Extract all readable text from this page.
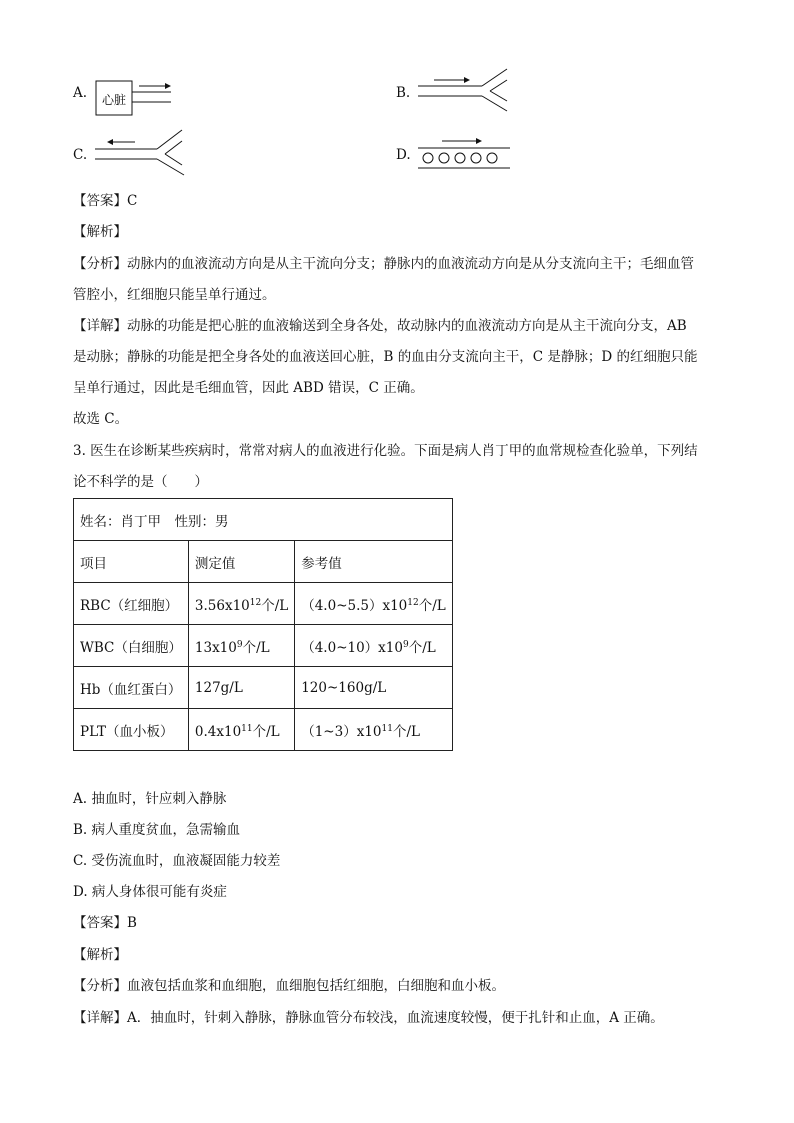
A. 心脏	B.
C.	D.
【答案】C
【解析】
【分析】动脉内的血液流动方向是从主干流向分支；静脉内的血液流动方向是从分支流向主干；毛细血管
管腔小，红细胞只能呈单行通过。
【详解】动脉的功能是把心脏的血液输送到全身各处，故动脉内的血液流动方向是从主干流向分支，AB
是动脉；静脉的功能是把全身各处的血液送回心脏，B 的血由分支流向主干，C 是静脉；D 的红细胞只能
呈单行通过，因此是毛细血管，因此 ABD 错误，C 正确。
故选 C。
3. 医生在诊断某些疾病时，常常对病人的血液进行化验。下面是病人肖丁甲的血常规检查化验单，下列结
论不科学的是（　　）
姓名：肖丁甲　性别：男		
项目	测定值	参考值
RBC（红细胞）	$3.56x10^{12}$个/L	$(4.0\sim 5.5)x10^{12}$个/L
WBC（白细胞）	$13x10^9$个/L	$(4.0\sim 10)x10^9$个/L
Hb（血红蛋白）	127g/L	120~160g/L
PLT（血小板）	$0.4x10^{11}$个/L	$(1\sim 3)x10^{11}$个/L
A. 抽血时，针应刺入静脉
B. 病人重度贫血，急需输血
C. 受伤流血时，血液凝固能力较差
D. 病人身体很可能有炎症
【答案】B
【解析】
【分析】血液包括血浆和血细胞，血细胞包括红细胞，白细胞和血小板。
【详解】A．抽血时，针刺入静脉，静脉血管分布较浅，血流速度较慢，便于扎针和止血，A 正确。
